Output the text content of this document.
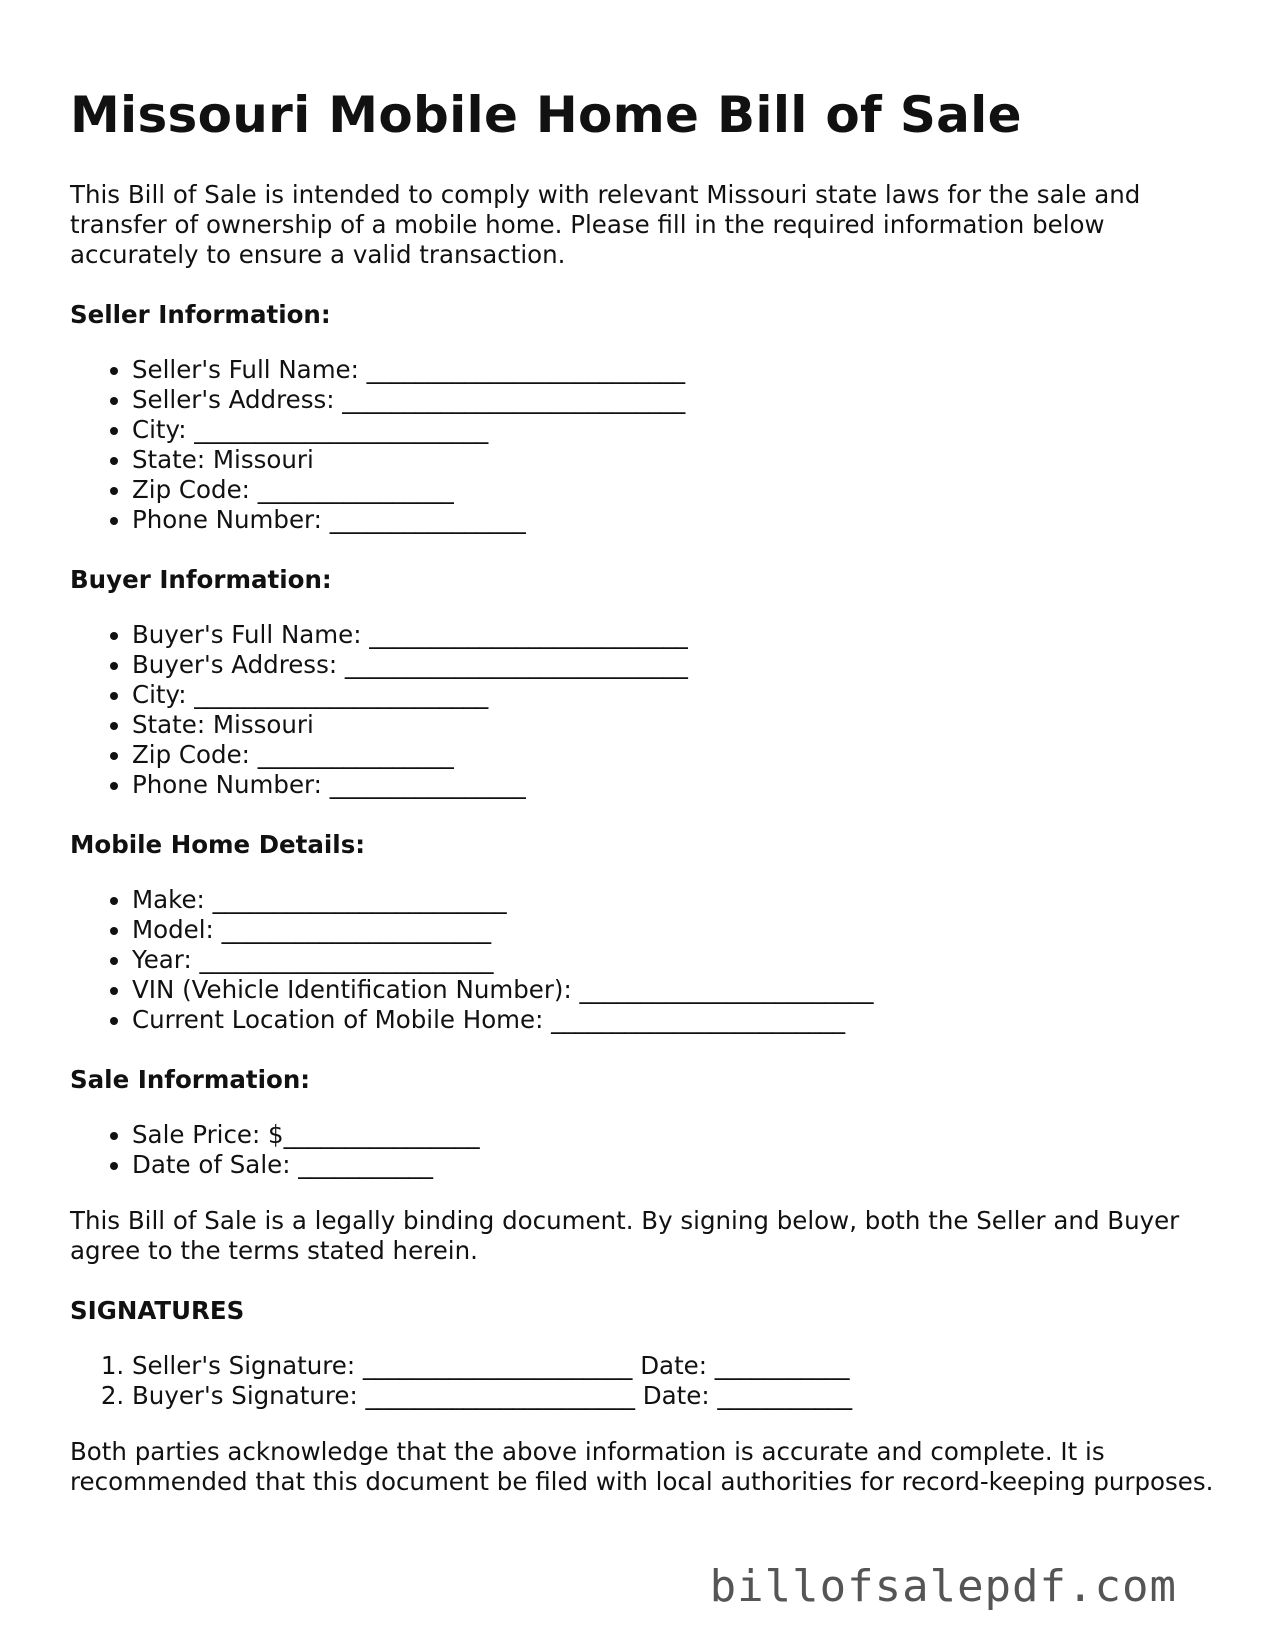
Missouri Mobile Home Bill of Sale

This Bill of Sale is intended to comply with relevant Missouri state laws for the sale and transfer of ownership of a mobile home. Please fill in the required information below accurately to ensure a valid transaction.

Seller Information:
• Seller's Full Name: __________________________
• Seller's Address: ____________________________
• City: ________________________
• State: Missouri
• Zip Code: ________________
• Phone Number: ________________
Buyer Information:
• Buyer's Full Name: __________________________
• Buyer's Address: ____________________________
• City: ________________________
• State: Missouri
• Zip Code: ________________
• Phone Number: ________________
Mobile Home Details:
• Make: ________________________
• Model: ______________________
• Year: ________________________
• VIN (Vehicle Identification Number): ________________________
• Current Location of Mobile Home: ________________________
Sale Information:
• Sale Price: $________________
• Date of Sale: ___________

This Bill of Sale is a legally binding document. By signing below, both the Seller and Buyer agree to the terms stated herein.

SIGNATURES
1. Seller's Signature: ______________________ Date: ___________
2. Buyer's Signature: ______________________ Date: ___________

Both parties acknowledge that the above information is accurate and complete. It is recommended that this document be filed with local authorities for record-keeping purposes.

billofsalepdf.com
